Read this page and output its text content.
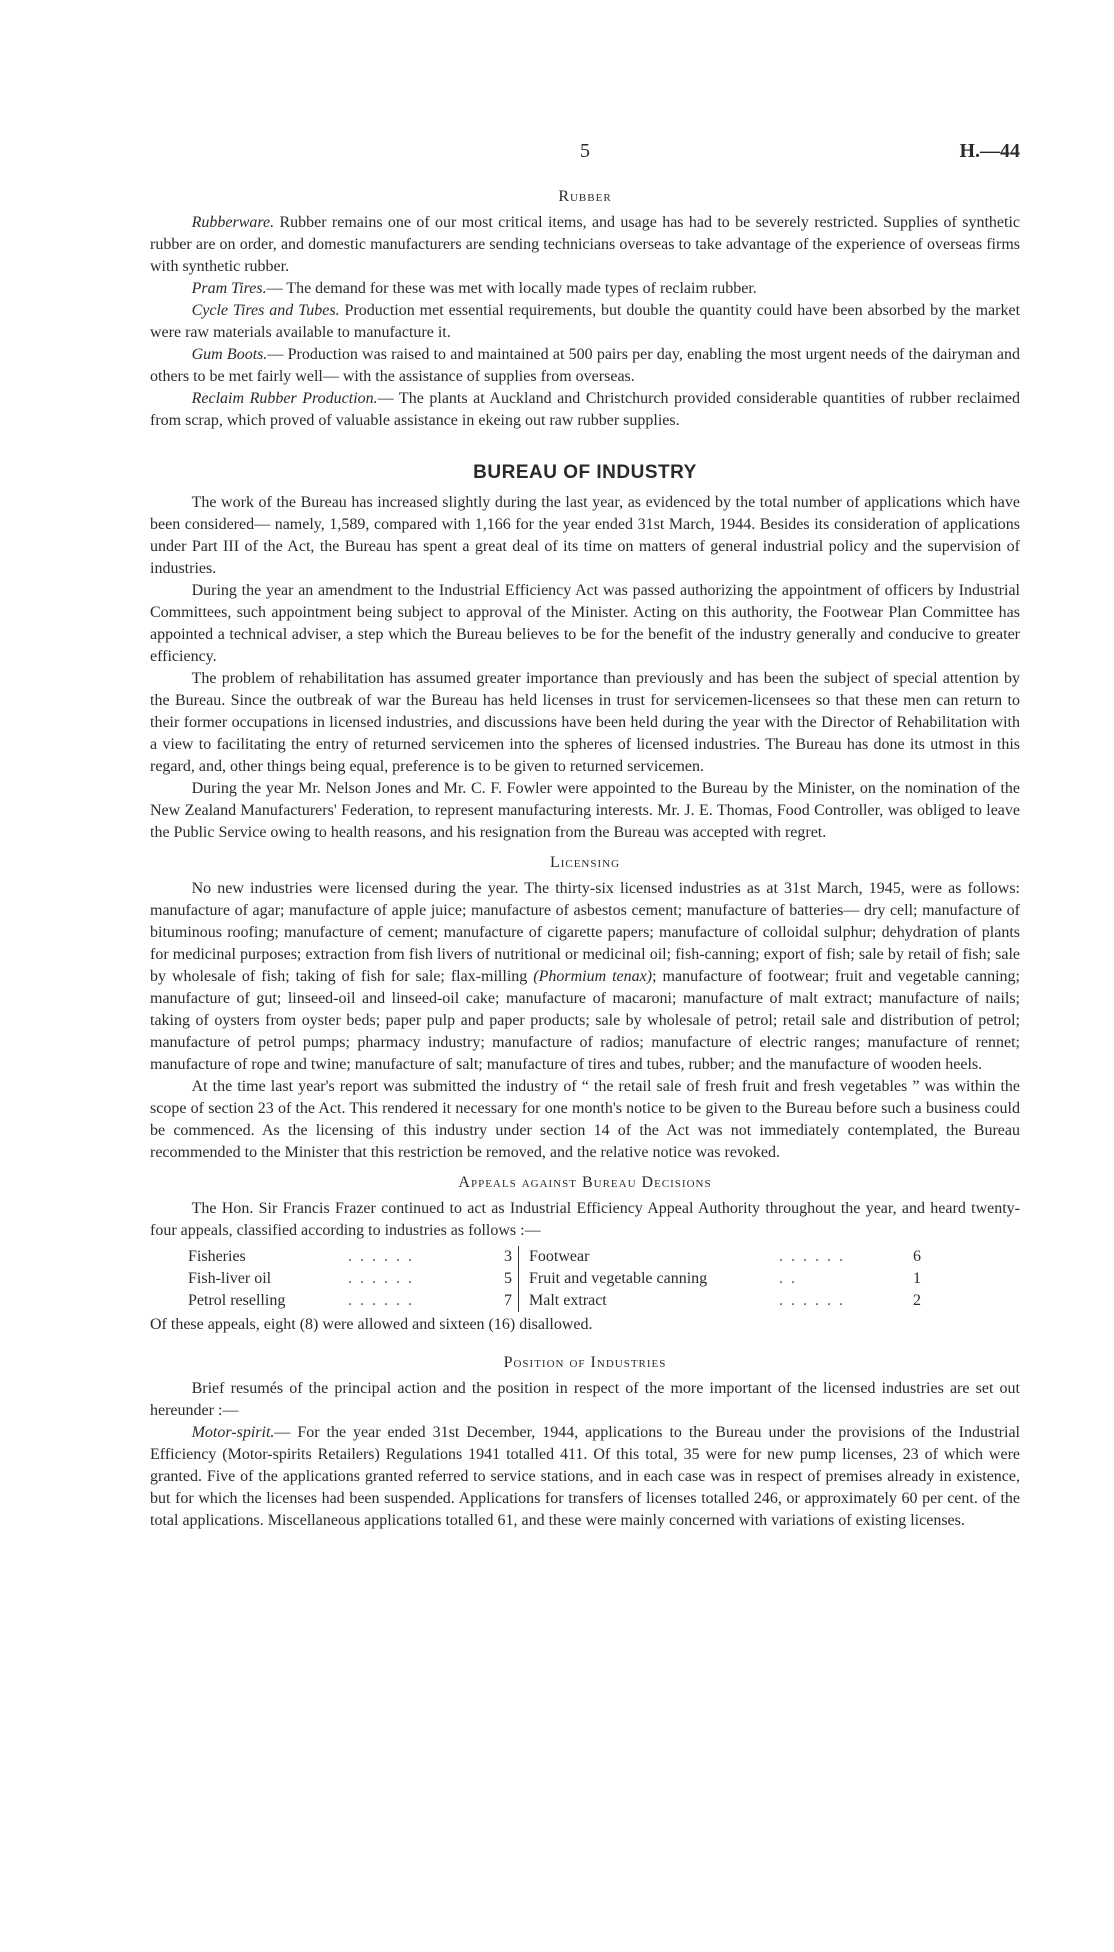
5	H.—44
Rubber

Rubberware. Rubber remains one of our most critical items, and usage has had to be severely restricted. Supplies of synthetic rubber are on order, and domestic manufacturers are sending technicians overseas to take advantage of the experience of overseas firms with synthetic rubber.

Pram Tires.— The demand for these was met with locally made types of reclaim rubber.

Cycle Tires and Tubes. Production met essential requirements, but double the quantity could have been absorbed by the market were raw materials available to manufacture it.

Gum Boots.— Production was raised to and maintained at 500 pairs per day, enabling the most urgent needs of the dairyman and others to be met fairly well— with the assistance of supplies from overseas.

Reclaim Rubber Production.— The plants at Auckland and Christchurch provided considerable quantities of rubber reclaimed from scrap, which proved of valuable assistance in ekeing out raw rubber supplies.

BUREAU OF INDUSTRY

The work of the Bureau has increased slightly during the last year, as evidenced by the total number of applications which have been considered— namely, 1,589, compared with 1,166 for the year ended 31st March, 1944. Besides its consideration of applications under Part III of the Act, the Bureau has spent a great deal of its time on matters of general industrial policy and the supervision of industries.

During the year an amendment to the Industrial Efficiency Act was passed authorizing the appointment of officers by Industrial Committees, such appointment being subject to approval of the Minister. Acting on this authority, the Footwear Plan Committee has appointed a technical adviser, a step which the Bureau believes to be for the benefit of the industry generally and conducive to greater efficiency.

The problem of rehabilitation has assumed greater importance than previously and has been the subject of special attention by the Bureau. Since the outbreak of war the Bureau has held licenses in trust for servicemen-licensees so that these men can return to their former occupations in licensed industries, and discussions have been held during the year with the Director of Rehabilitation with a view to facilitating the entry of returned servicemen into the spheres of licensed industries. The Bureau has done its utmost in this regard, and, other things being equal, preference is to be given to returned servicemen.

During the year Mr. Nelson Jones and Mr. C. F. Fowler were appointed to the Bureau by the Minister, on the nomination of the New Zealand Manufacturers' Federation, to represent manufacturing interests. Mr. J. E. Thomas, Food Controller, was obliged to leave the Public Service owing to health reasons, and his resignation from the Bureau was accepted with regret.

Licensing

No new industries were licensed during the year. The thirty-six licensed industries as at 31st March, 1945, were as follows: manufacture of agar; manufacture of apple juice; manufacture of asbestos cement; manufacture of batteries— dry cell; manufacture of bituminous roofing; manufacture of cement; manufacture of cigarette papers; manufacture of colloidal sulphur; dehydration of plants for medicinal purposes; extraction from fish livers of nutritional or medicinal oil; fish-canning; export of fish; sale by retail of fish; sale by wholesale of fish; taking of fish for sale; flax-milling (Phormium tenax); manufacture of footwear; fruit and vegetable canning; manufacture of gut; linseed-oil and linseed-oil cake; manufacture of macaroni; manufacture of malt extract; manufacture of nails; taking of oysters from oyster beds; paper pulp and paper products; sale by wholesale of petrol; retail sale and distribution of petrol; manufacture of petrol pumps; pharmacy industry; manufacture of radios; manufacture of electric ranges; manufacture of rennet; manufacture of rope and twine; manufacture of salt; manufacture of tires and tubes, rubber; and the manufacture of wooden heels.

At the time last year's report was submitted the industry of “ the retail sale of fresh fruit and fresh vegetables ” was within the scope of section 23 of the Act. This rendered it necessary for one month's notice to be given to the Bureau before such a business could be commenced. As the licensing of this industry under section 14 of the Act was not immediately contemplated, the Bureau recommended to the Minister that this restriction be removed, and the relative notice was revoked.

Appeals against Bureau Decisions

The Hon. Sir Francis Frazer continued to act as Industrial Efficiency Appeal Authority throughout the year, and heard twenty-four appeals, classified according to industries as follows :—

Fisheries	. . . . . .	3		Footwear	. . . . . .	6
Fish-liver oil	. . . . . .	5		Fruit and vegetable canning	. .	1
Petrol reselling	. . . . . .	7		Malt extract	. . . . . .	2

Of these appeals, eight (8) were allowed and sixteen (16) disallowed.

Position of Industries

Brief resumés of the principal action and the position in respect of the more important of the licensed industries are set out hereunder :—

Motor-spirit.— For the year ended 31st December, 1944, applications to the Bureau under the provisions of the Industrial Efficiency (Motor-spirits Retailers) Regulations 1941 totalled 411. Of this total, 35 were for new pump licenses, 23 of which were granted. Five of the applications granted referred to service stations, and in each case was in respect of premises already in existence, but for which the licenses had been suspended. Applications for transfers of licenses totalled 246, or approximately 60 per cent. of the total applications. Miscellaneous applications totalled 61, and these were mainly concerned with variations of existing licenses.
